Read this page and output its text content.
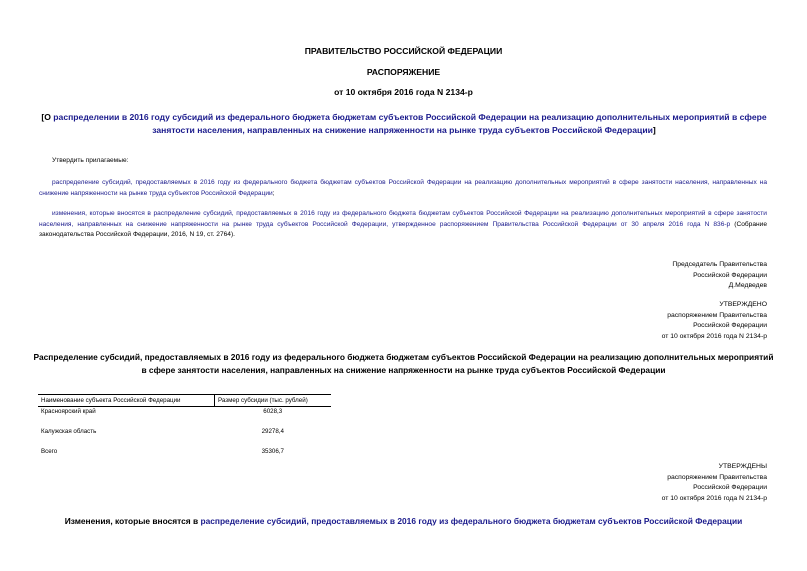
ПРАВИТЕЛЬСТВО РОССИЙСКОЙ ФЕДЕРАЦИИ
РАСПОРЯЖЕНИЕ
от 10 октября 2016 года N 2134-р
[О распределении в 2016 году субсидий из федерального бюджета бюджетам субъектов Российской Федерации на реализацию дополнительных мероприятий в сфере занятости населения, направленных на снижение напряженности на рынке труда субъектов Российской Федерации]
Утвердить прилагаемые:
распределение субсидий, предоставляемых в 2016 году из федерального бюджета бюджетам субъектов Российской Федерации на реализацию дополнительных мероприятий в сфере занятости населения, направленных на снижение напряженности на рынке труда субъектов Российской Федерации;
изменения, которые вносятся в распределение субсидий, предоставляемых в 2016 году из федерального бюджета бюджетам субъектов Российской Федерации на реализацию дополнительных мероприятий в сфере занятости населения, направленных на снижение напряженности на рынке труда субъектов Российской Федерации, утвержденное распоряжением Правительства Российской Федерации от 30 апреля 2016 года N 836-р (Собрание законодательства Российской Федерации, 2016, N 19, ст. 2764).
Председатель Правительства
Российской Федерации
Д.Медведев
УТВЕРЖДЕНО
распоряжением Правительства
Российской Федерации
от 10 октября 2016 года N 2134-р
Распределение субсидий, предоставляемых в 2016 году из федерального бюджета бюджетам субъектов Российской Федерации на реализацию дополнительных мероприятий в сфере занятости населения, направленных на снижение напряженности на рынке труда субъектов Российской Федерации
Наименование субъекта Российской Федерации	Размер субсидии (тыс. рублей)
Красноярский край	6028,3
Калужская область	29278,4
Всего	35306,7
УТВЕРЖДЕНЫ
распоряжением Правительства
Российской Федерации
от 10 октября 2016 года N 2134-р
Изменения, которые вносятся в распределение субсидий, предоставляемых в 2016 году из федерального бюджета бюджетам субъектов Российской Федерации
